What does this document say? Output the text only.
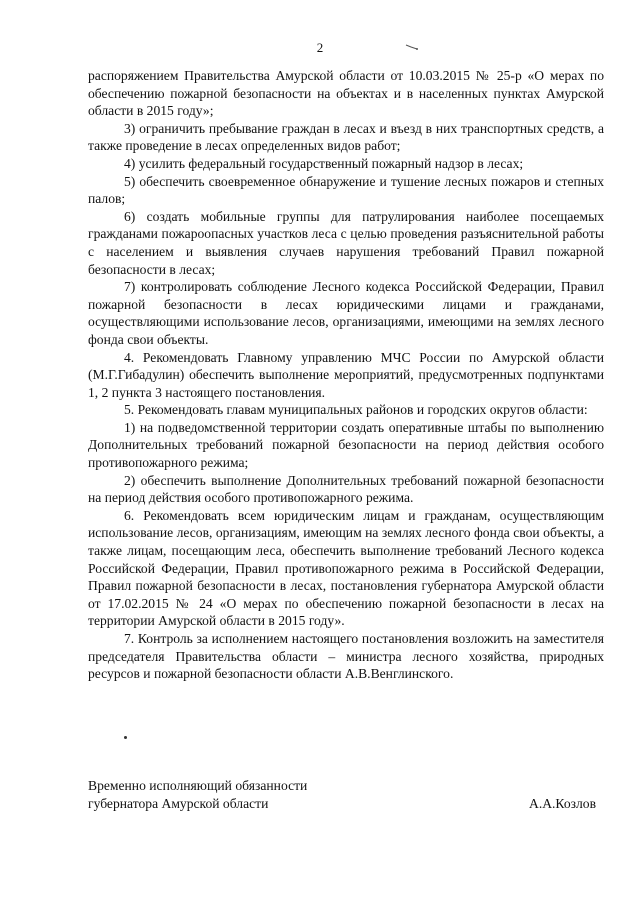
2

распоряжением Правительства Амурской области от 10.03.2015 № 25-р «О мерах по обеспечению пожарной безопасности на объектах и в населенных пунктах Амурской области в 2015 году»;

3) ограничить пребывание граждан в лесах и въезд в них транспортных средств, а также проведение в лесах определенных видов работ;

4) усилить федеральный государственный пожарный надзор в лесах;

5) обеспечить своевременное обнаружение и тушение лесных пожаров и степных палов;

6) создать мобильные группы для патрулирования наиболее посещаемых гражданами пожароопасных участков леса с целью проведения разъяснительной работы с населением и выявления случаев нарушения требований Правил пожарной безопасности в лесах;

7) контролировать соблюдение Лесного кодекса Российской Федерации, Правил пожарной безопасности в лесах юридическими лицами и гражданами, осуществляющими использование лесов, организациями, имеющими на землях лесного фонда свои объекты.

4. Рекомендовать Главному управлению МЧС России по Амурской области (М.Г.Гибадулин) обеспечить выполнение мероприятий, предусмотренных подпунктами 1, 2 пункта 3 настоящего постановления.

5. Рекомендовать главам муниципальных районов и городских округов области:

1) на подведомственной территории создать оперативные штабы по выполнению Дополнительных требований пожарной безопасности на период действия особого противопожарного режима;

2) обеспечить выполнение Дополнительных требований пожарной безопасности на период действия особого противопожарного режима.

6. Рекомендовать всем юридическим лицам и гражданам, осуществляющим использование лесов, организациям, имеющим на землях лесного фонда свои объекты, а также лицам, посещающим леса, обеспечить выполнение требований Лесного кодекса Российской Федерации, Правил противопожарного режима в Российской Федерации, Правил пожарной безопасности в лесах, постановления губернатора Амурской области от 17.02.2015 № 24 «О мерах по обеспечению пожарной безопасности в лесах на территории Амурской области в 2015 году».

7. Контроль за исполнением настоящего постановления возложить на заместителя председателя Правительства области – министра лесного хозяйства, природных ресурсов и пожарной безопасности области А.В.Венглинского.

Временно исполняющий обязанности
губернатора Амурской области	А.А.Козлов
